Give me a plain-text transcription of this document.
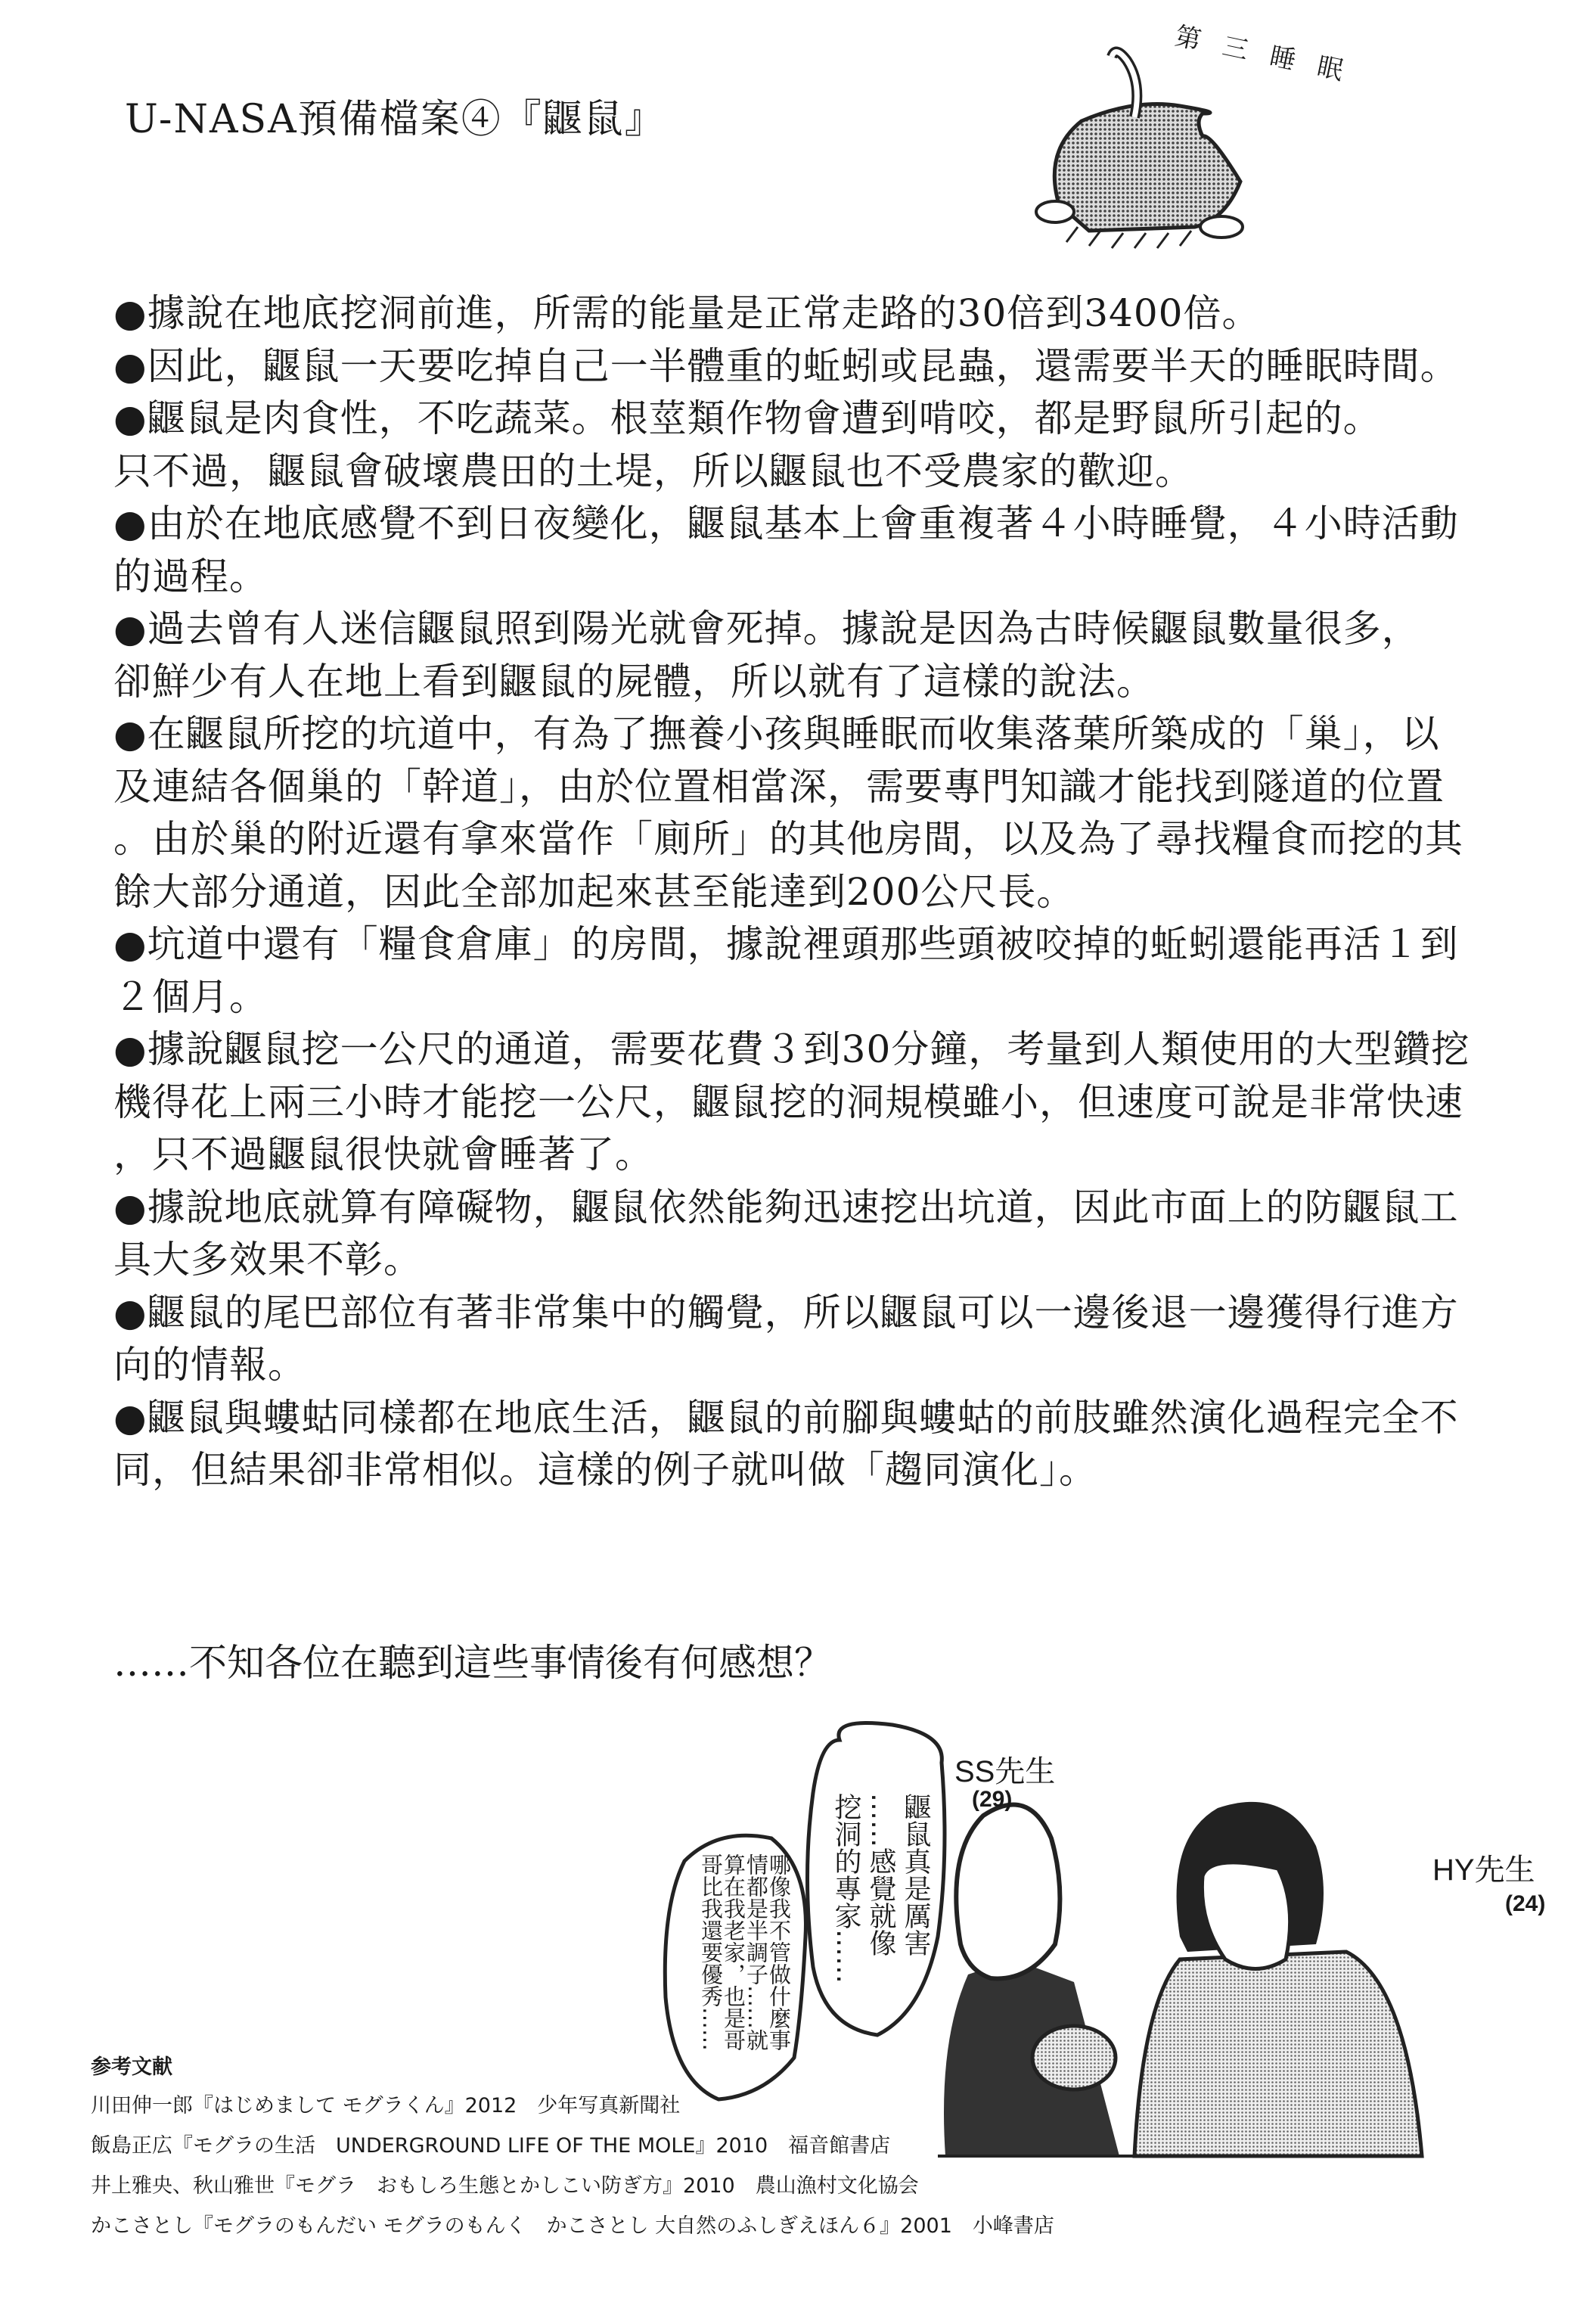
U-NASA預備檔案④『鼴鼠』
第三睡眠
●據說在地底挖洞前進，所需的能量是正常走路的30倍到3400倍。
●因此，鼴鼠一天要吃掉自己一半體重的蚯蚓或昆蟲，還需要半天的睡眠時間。
●鼴鼠是肉食性，不吃蔬菜。根莖類作物會遭到啃咬，都是野鼠所引起的。
只不過，鼴鼠會破壞農田的土堤，所以鼴鼠也不受農家的歡迎。
●由於在地底感覺不到日夜變化，鼴鼠基本上會重複著４小時睡覺，４小時活動
的過程。
●過去曾有人迷信鼴鼠照到陽光就會死掉。據說是因為古時候鼴鼠數量很多，
卻鮮少有人在地上看到鼴鼠的屍體，所以就有了這樣的說法。
●在鼴鼠所挖的坑道中，有為了撫養小孩與睡眠而收集落葉所築成的「巢」，以
及連結各個巢的「幹道」，由於位置相當深，需要專門知識才能找到隧道的位置
。由於巢的附近還有拿來當作「廁所」的其他房間，以及為了尋找糧食而挖的其
餘大部分通道，因此全部加起來甚至能達到200公尺長。
●坑道中還有「糧食倉庫」的房間，據說裡頭那些頭被咬掉的蚯蚓還能再活１到
２個月。
●據說鼴鼠挖一公尺的通道，需要花費３到30分鐘，考量到人類使用的大型鑽挖
機得花上兩三小時才能挖一公尺，鼴鼠挖的洞規模雖小，但速度可說是非常快速
，只不過鼴鼠很快就會睡著了。
●據說地底就算有障礙物，鼴鼠依然能夠迅速挖出坑道，因此市面上的防鼴鼠工
具大多效果不彰。
●鼴鼠的尾巴部位有著非常集中的觸覺，所以鼴鼠可以一邊後退一邊獲得行進方
向的情報。
●鼴鼠與螻蛄同樣都在地底生活，鼴鼠的前腳與螻蛄的前肢雖然演化過程完全不
同，但結果卻非常相似。這樣的例子就叫做「趨同演化」。
……不知各位在聽到這些事情後有何感想？
鼴鼠真是厲害
……感覺就像
挖洞的專家……
哪像我不管做什麼事
情都是半調子……就
算在我老家，也是哥
哥比我還要優秀……
SS先生
(29)
HY先生
(24)
参考文献
川田伸一郎『はじめまして モグラくん』2012　少年写真新聞社
飯島正広『モグラの生活　UNDERGROUND LIFE OF THE MOLE』2010　福音館書店
井上雅央、秋山雅世『モグラ　おもしろ生態とかしこい防ぎ方』2010　農山漁村文化協会
かこさとし『モグラのもんだい モグラのもんく　かこさとし 大自然のふしぎえほん６』2001　小峰書店
